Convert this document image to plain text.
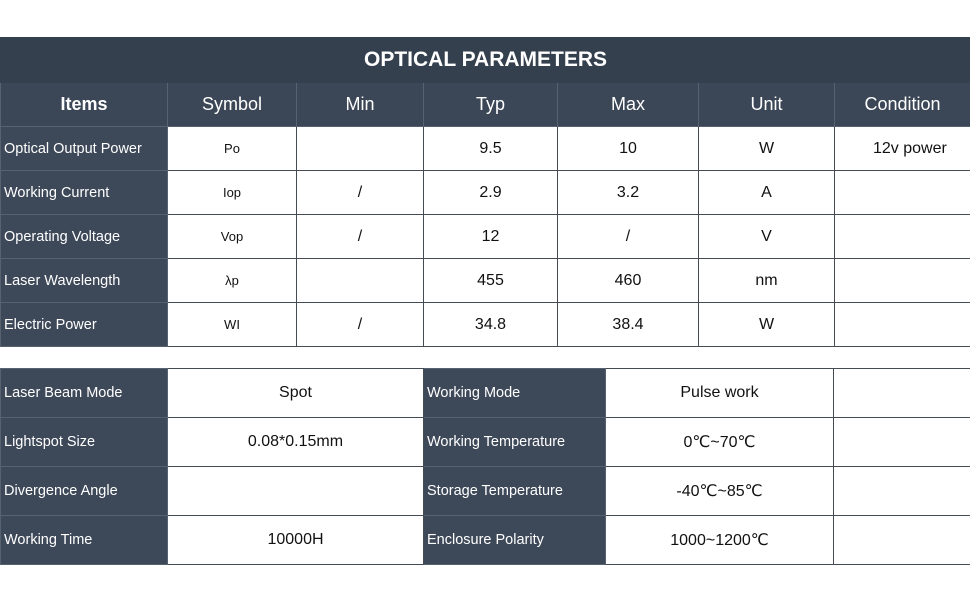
OPTICAL PARAMETERS						
Items	Symbol	Min	Typ	Max	Unit	Condition
Optical Output Power	Po		9.5	10	W	12v power
Working Current	Iop	/	2.9	3.2	A	
Operating Voltage	Vop	/	12	/	V	
Laser Wavelength	λp		455	460	nm	
Electric Power	WI	/	34.8	38.4	W	
Laser Beam Mode	Spot	Working Mode	Pulse work	
Lightspot Size	0.08*0.15mm	Working Temperature	0℃~70℃	
Divergence Angle		Storage Temperature	-40℃~85℃	
Working Time	10000H	Enclosure Polarity	1000~1200℃	
